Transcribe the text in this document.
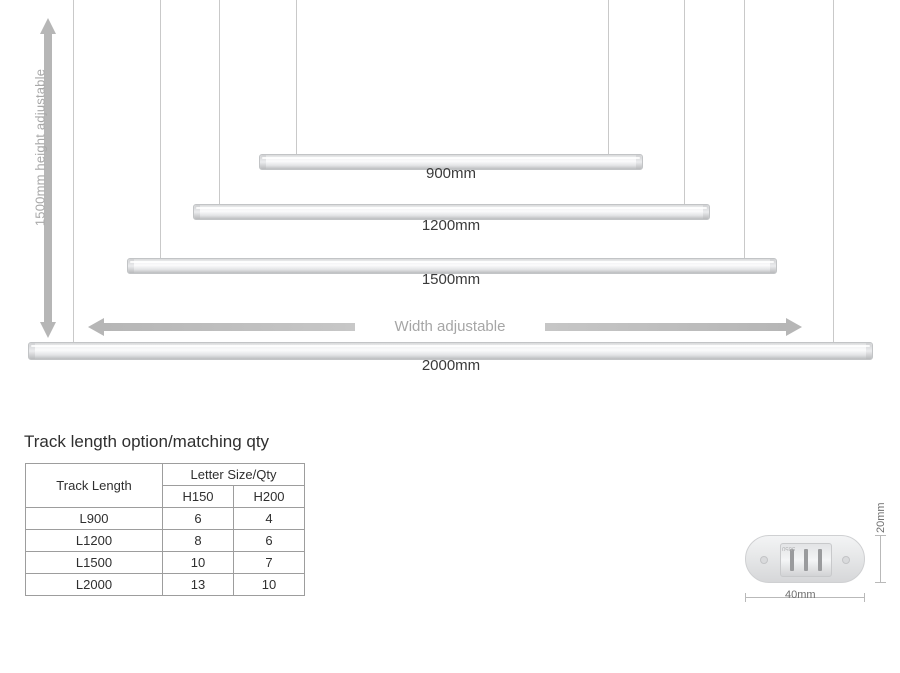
1500mm height adjustable	900mm
1200mm
1500mm
2000mm
Width adjustable
Track length option/matching qty
Track Length	Letter Size/Qty	
	H150	H200
L900	6	4
L1200	8	6
L1500	10	7
L2000	13	10
5050
40mm
20mm
